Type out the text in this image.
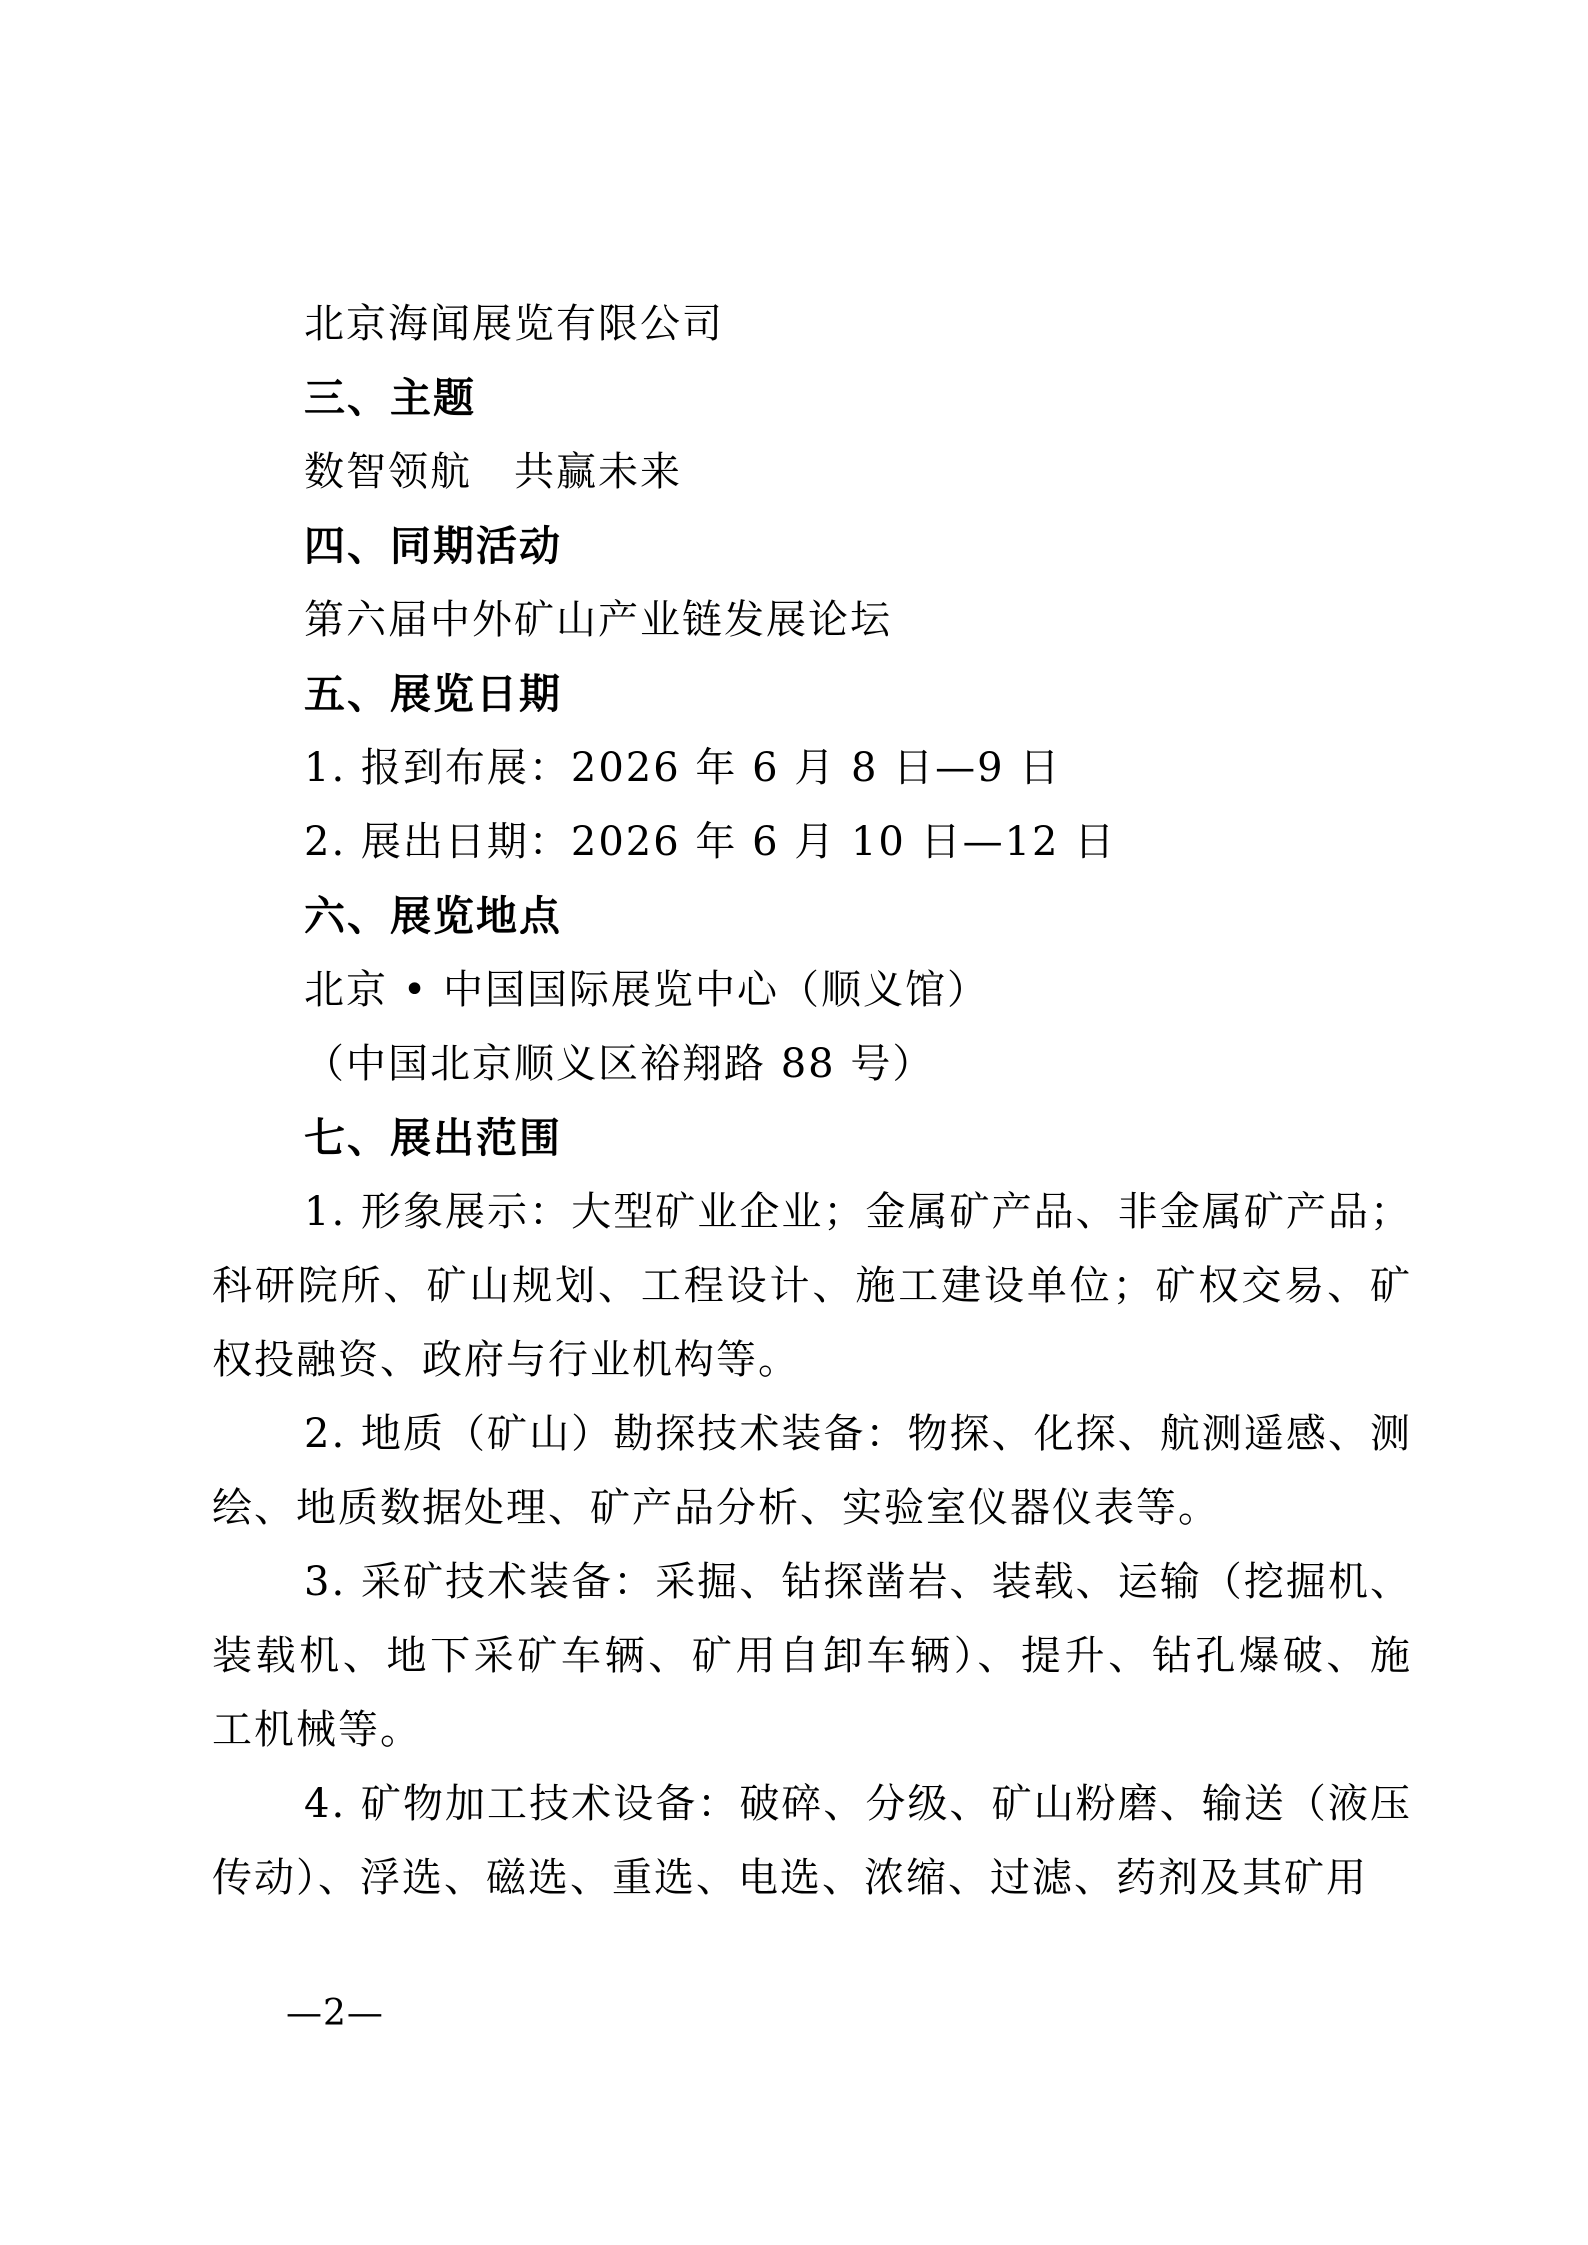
北京海闻展览有限公司
三、主题
数智领航　共赢未来
四、同期活动
第六届中外矿山产业链发展论坛
五、展览日期
1. 报到布展：2026 年 6 月 8 日—9 日
2. 展出日期：2026 年 6 月 10 日—12 日
六、展览地点
北京 • 中国国际展览中心（顺义馆）
（中国北京顺义区裕翔路 88 号）
七、展出范围
1. 形象展示：大型矿业企业；金属矿产品、非金属矿产品；
科研院所、矿山规划、工程设计、施工建设单位；矿权交易、矿
权投融资、政府与行业机构等。
2. 地质（矿山）勘探技术装备：物探、化探、航测遥感、测
绘、地质数据处理、矿产品分析、实验室仪器仪表等。
3. 采矿技术装备：采掘、钻探凿岩、装载、运输（挖掘机、
装载机、地下采矿车辆、矿用自卸车辆）、提升、钻孔爆破、施
工机械等。
4. 矿物加工技术设备：破碎、分级、矿山粉磨、输送（液压
传动）、浮选、磁选、重选、电选、浓缩、过滤、药剂及其矿用
—2—
